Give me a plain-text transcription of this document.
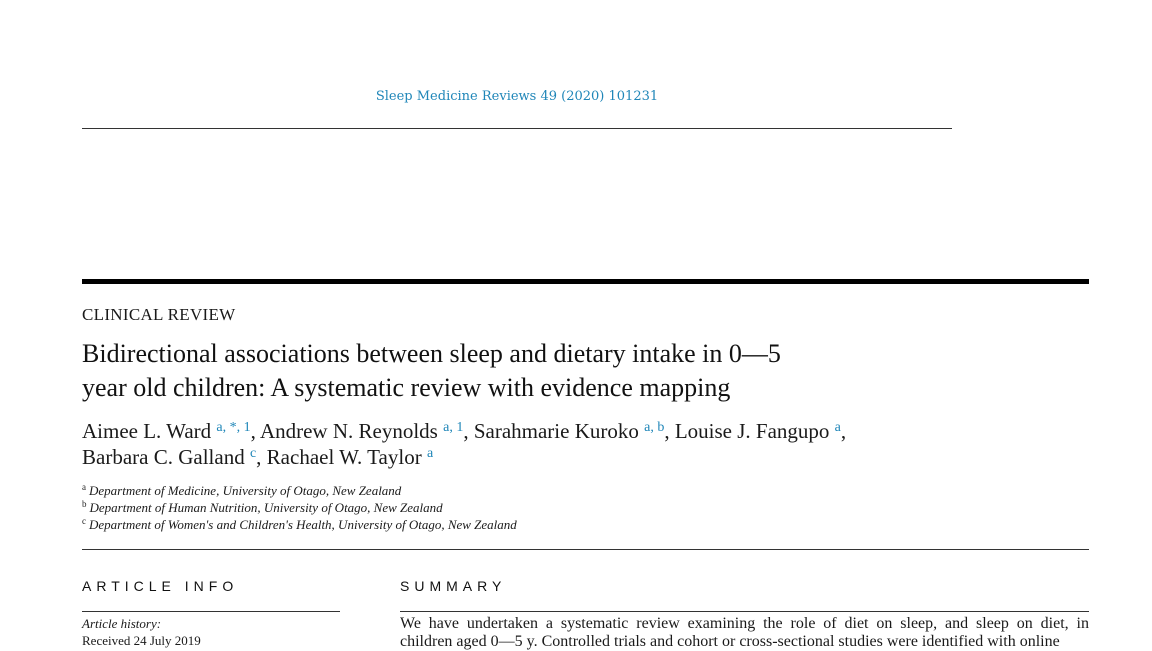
Sleep Medicine Reviews 49 (2020) 101231
CLINICAL REVIEW
Bidirectional associations between sleep and dietary intake in 0—5
year old children: A systematic review with evidence mapping
Aimee L. Ward $^{a, *, 1}$, Andrew N. Reynolds $^{a, 1}$, Sarahmarie Kuroko $^{a, b}$, Louise J. Fangupo $^a$,
Barbara C. Galland $^c$, Rachael W. Taylor $^a$
$^a$ Department of Medicine, University of Otago, New Zealand
$^b$ Department of Human Nutrition, University of Otago, New Zealand
$^c$ Department of Women's and Children's Health, University of Otago, New Zealand
ARTICLE INFO	SUMMARY
Article history:
Received 24 July 2019
We have undertaken a systematic review examining the role of diet on sleep, and sleep on diet, in
children aged 0—5 y. Controlled trials and cohort or cross-sectional studies were identified with online
